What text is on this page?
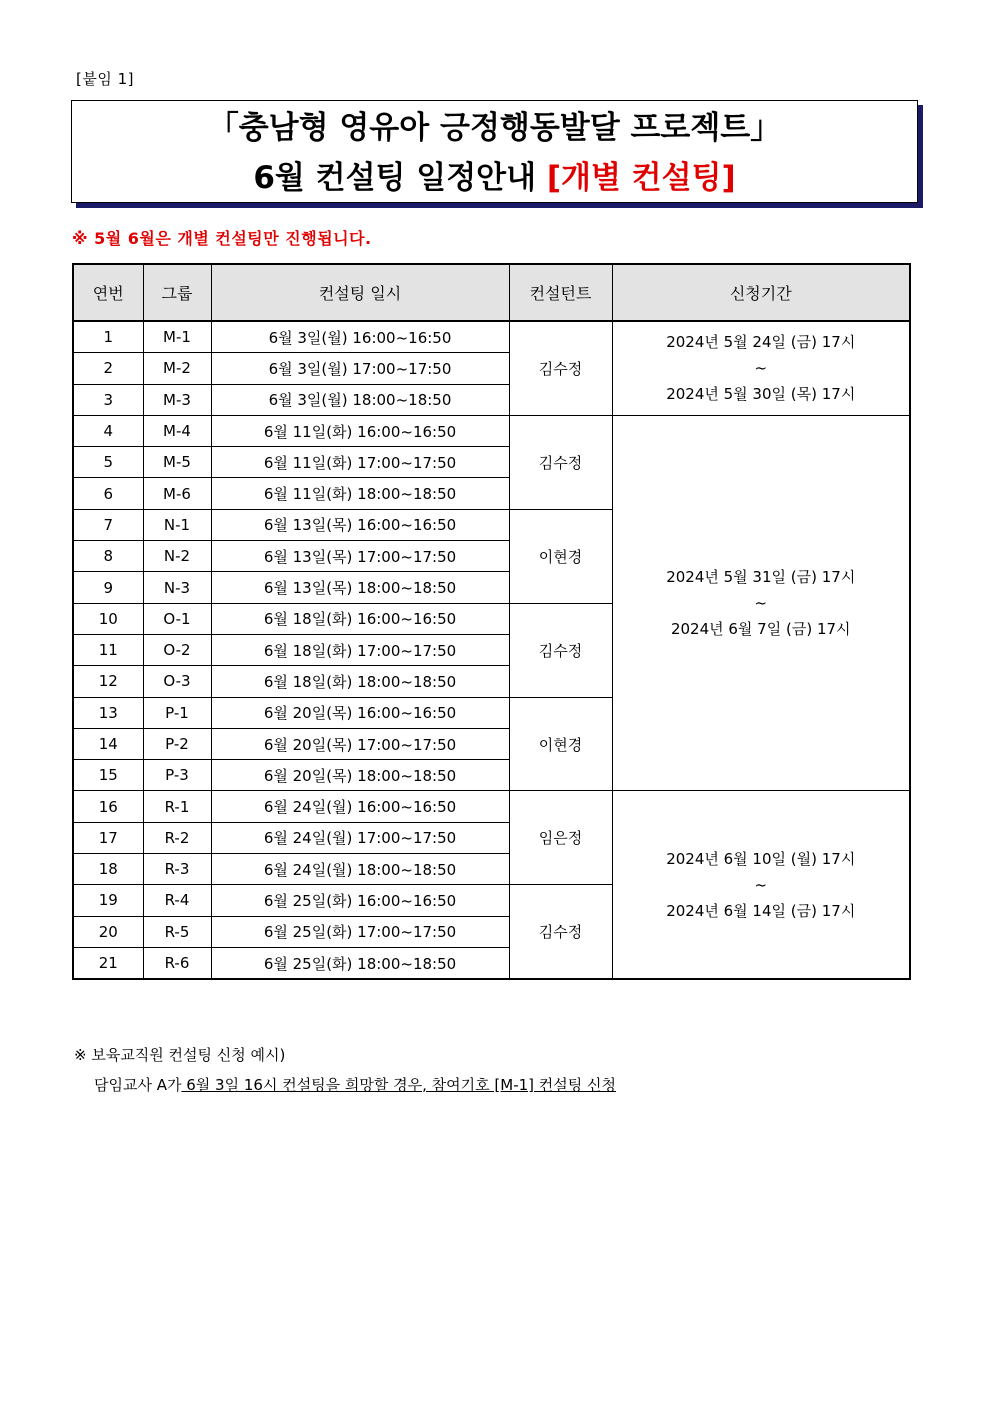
[붙임 1]
「충남형 영유아 긍정행동발달 프로젝트」
6월 컨설팅 일정안내 [개별 컨설팅]
※ 5월 6월은 개별 컨설팅만 진행됩니다.
연번	그룹	컨설팅 일시	컨설턴트	신청기간
1	M-1	6월 3일(월) 16:00~16:50	김수정	2024년 5월 24일 (금) 17시
~
2024년 5월 30일 (목) 17시

2	M-2	6월 3일(월) 17:00~17:50		
3	M-3	6월 3일(월) 18:00~18:50		
4	M-4	6월 11일(화) 16:00~16:50	김수정	2024년 5월 31일 (금) 17시
~
2024년 6월 7일 (금) 17시

5	M-5	6월 11일(화) 17:00~17:50		
6	M-6	6월 11일(화) 18:00~18:50		
7	N-1	6월 13일(목) 16:00~16:50	이현경	
8	N-2	6월 13일(목) 17:00~17:50		
9	N-3	6월 13일(목) 18:00~18:50		
10	O-1	6월 18일(화) 16:00~16:50	김수정	
11	O-2	6월 18일(화) 17:00~17:50		
12	O-3	6월 18일(화) 18:00~18:50		
13	P-1	6월 20일(목) 16:00~16:50	이현경	
14	P-2	6월 20일(목) 17:00~17:50		
15	P-3	6월 20일(목) 18:00~18:50		
16	R-1	6월 24일(월) 16:00~16:50	임은정	2024년 6월 10일 (월) 17시
~
2024년 6월 14일 (금) 17시

17	R-2	6월 24일(월) 17:00~17:50		
18	R-3	6월 24일(월) 18:00~18:50		
19	R-4	6월 25일(화) 16:00~16:50	김수정	
20	R-5	6월 25일(화) 17:00~17:50		
21	R-6	6월 25일(화) 18:00~18:50		
※ 보육교직원 컨설팅 신청 예시)
담임교사 A가 6월 3일 16시 컨설팅을 희망할 경우, 참여기호 [M-1] 컨설팅 신청
